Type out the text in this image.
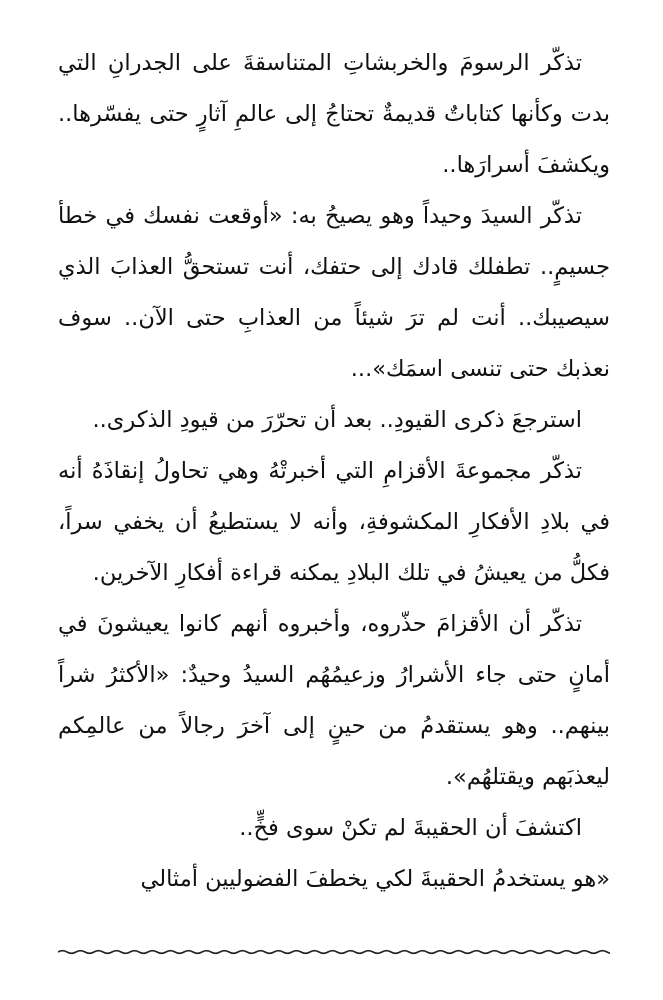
تذكّر الرسومَ والخربشاتِ المتناسقةَ على الجدرانِ التي بدت وكأنها كتاباتٌ قديمةٌ تحتاجُ إلى عالمِ آثارٍ حتى يفسّرها.. ويكشفَ أسرارَها..

تذكّر السيدَ وحيداً وهو يصيحُ به: «أوقعت نفسك في خطأ جسيمٍ.. تطفلك قادك إلى حتفك، أنت تستحقُّ العذابَ الذي سيصيبك.. أنت لم ترَ شيئاً من العذابِ حتى الآن.. سوف نعذبك حتى تنسى اسمَك»...

استرجعَ ذكرى القيودِ.. بعد أن تحرّرَ من قيودِ الذكرى..

تذكّر مجموعةَ الأقزامِ التي أخبرتْهُ وهي تحاولُ إنقاذَهُ أنه في بلادِ الأفكارِ المكشوفةِ، وأنه لا يستطيعُ أن يخفي سراً، فكلُّ من يعيشُ في تلك البلادِ يمكنه قراءة أفكارِ الآخرين.

تذكّر أن الأقزامَ حذّروه، وأخبروه أنهم كانوا يعيشونَ في أمانٍ حتى جاء الأشرارُ وزعيمُهُم السيدُ وحيدٌ: «الأكثرُ شراً بينهم.. وهو يستقدمُ من حينٍ إلى آخرَ رجالاً من عالمِكم ليعذبَهم ويقتلهُم».

اكتشفَ أن الحقيبةَ لم تكنْ سوى فخٍّ..

«هو يستخدمُ الحقيبةَ لكي يخطفَ الفضوليين أمثالي
